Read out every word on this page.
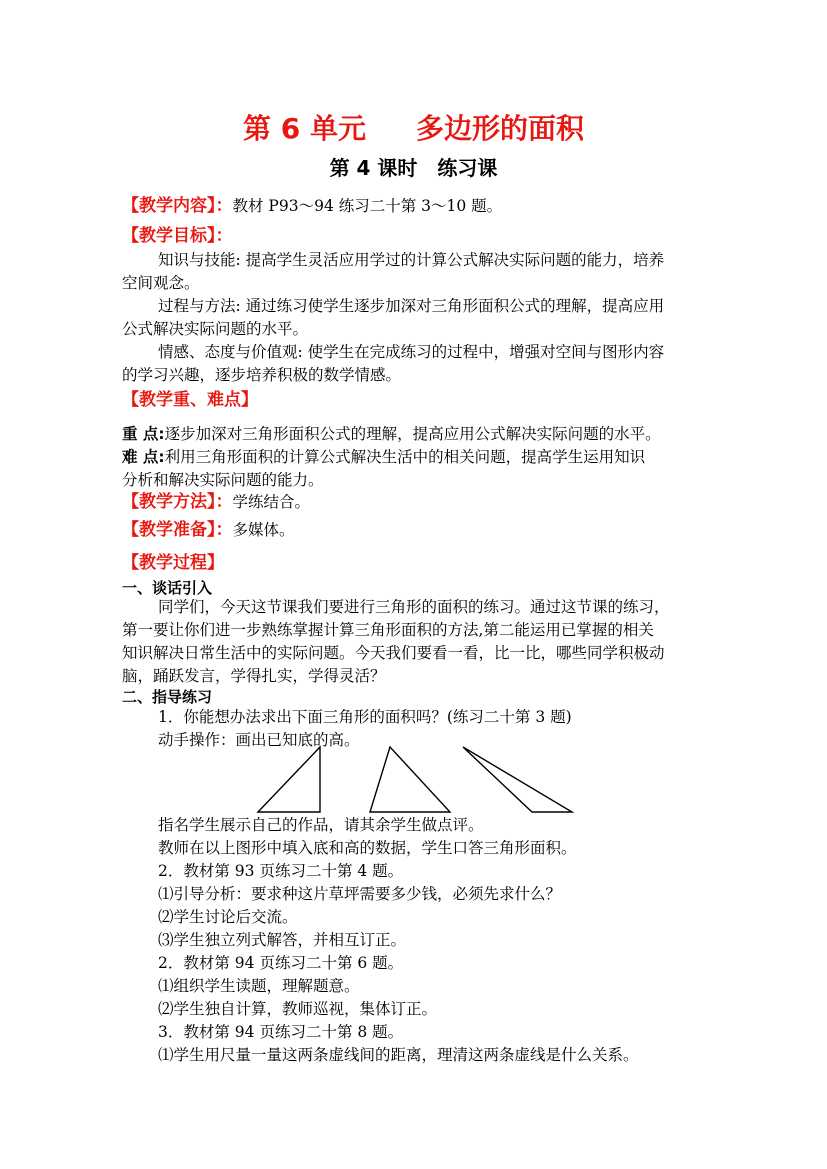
第 6 单元 多边形的面积
第 4 课时　练习课
【教学内容】：教材 P93～94 练习二十第 3～10 题。
【教学目标】：
知识与技能: 提高学生灵活应用学过的计算公式解决实际问题的能力，培养
空间观念。
过程与方法: 通过练习使学生逐步加深对三角形面积公式的理解，提高应用
公式解决实际问题的水平。
情感、态度与价值观: 使学生在完成练习的过程中，增强对空间与图形内容
的学习兴趣，逐步培养积极的数学情感。
【教学重、难点】
重 点:逐步加深对三角形面积公式的理解，提高应用公式解决实际问题的水平。
难 点:利用三角形面积的计算公式解决生活中的相关问题，提高学生运用知识
分析和解决实际问题的能力。
【教学方法】：学练结合。
【教学准备】：多媒体。
【教学过程】
一、谈话引入
同学们，今天这节课我们要进行三角形的面积的练习。通过这节课的练习，
第一要让你们进一步熟练掌握计算三角形面积的方法,第二能运用已掌握的相关
知识解决日常生活中的实际问题。今天我们要看一看，比一比，哪些同学积极动
脑，踊跃发言，学得扎实，学得灵活？
二、指导练习
1．你能想办法求出下面三角形的面积吗？(练习二十第 3 题)
动手操作：画出已知底的高。
指名学生展示自己的作品，请其余学生做点评。
教师在以上图形中填入底和高的数据，学生口答三角形面积。
2．教材第 93 页练习二十第 4 题。
⑴引导分析：要求种这片草坪需要多少钱，必须先求什么？
⑵学生讨论后交流。
⑶学生独立列式解答，并相互订正。
2．教材第 94 页练习二十第 6 题。
⑴组织学生读题，理解题意。
⑵学生独自计算，教师巡视，集体订正。
3．教材第 94 页练习二十第 8 题。
⑴学生用尺量一量这两条虚线间的距离，理清这两条虚线是什么关系。
